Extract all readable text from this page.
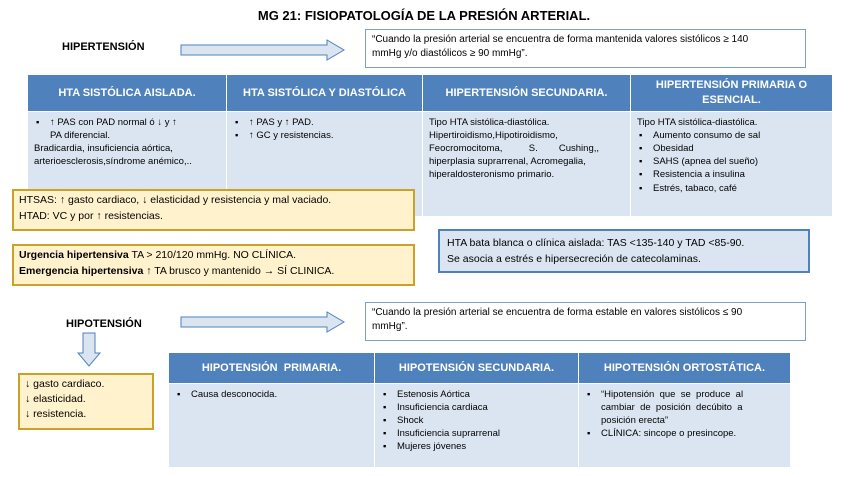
MG 21: FISIOPATOLOGÍA DE LA PRESIÓN ARTERIAL.
HIPERTENSIÓN
“Cuando la presión arterial se encuentra de forma mantenida valores sistólicos ≥ 140
mmHg y/o diastólicos ≥ 90 mmHg”.
HTA SISTÓLICA AISLADA.	HTA SISTÓLICA Y DIASTÓLICA	HIPERTENSIÓN SECUNDARIA.
HIPERTENSIÓN PRIMARIA O
ESENCIAL.
▪ ↑ PAS con PAD normal ó ↓ y ↑
PA diferencial.
Bradicardia, insuficiencia aórtica,
arterioesclerosis,síndrome anémico,..
▪ ↑ PAS y ↑ PAD.
▪ ↑ GC y resistencias.
Tipo HTA sistólica-diastólica.
Hipertiroidismo,Hipotiroidismo,
Feocromocitoma,          S.        Cushing,,
hiperplasia suprarrenal, Acromegalia,
hiperaldosteronismo primario.
Tipo HTA sistólica-diastólica.
▪ Aumento consumo de sal
▪ Obesidad
▪ SAHS (apnea del sueño)
▪ Resistencia a insulina
▪ Estrés, tabaco, café
HTSAS: ↑ gasto cardiaco, ↓ elasticidad y resistencia y mal vaciado.
HTAD: VC y por ↑ resistencias.
Urgencia hipertensiva TA > 210/120 mmHg. NO CLÍNICA.
Emergencia hipertensiva ↑ TA brusco y mantenido → SÍ CLINICA.
HTA bata blanca o clínica aislada: TAS <135-140 y TAD <85-90.
Se asocia a estrés e hipersecreción de catecolaminas.
HIPOTENSIÓN
“Cuando la presión arterial se encuentra de forma estable en valores sistólicos ≤ 90
mmHg”.
↓ gasto cardiaco.
↓ elasticidad.
↓ resistencia.
HIPOTENSIÓN  PRIMARIA.	HIPOTENSIÓN SECUNDARIA.	HIPOTENSIÓN ORTOSTÁTICA.
▪ Causa desconocida.
▪	Estenosis Aórtica
▪ Insuficiencia cardiaca
▪ Shock
▪ Insuficiencia suprarrenal
▪ Mujeres jóvenes
▪ “Hipotensión  que  se  produce  al
cambiar  de  posición  decúbito  a
posición erecta”
▪ CLÍNICA: sincope o presincope.
